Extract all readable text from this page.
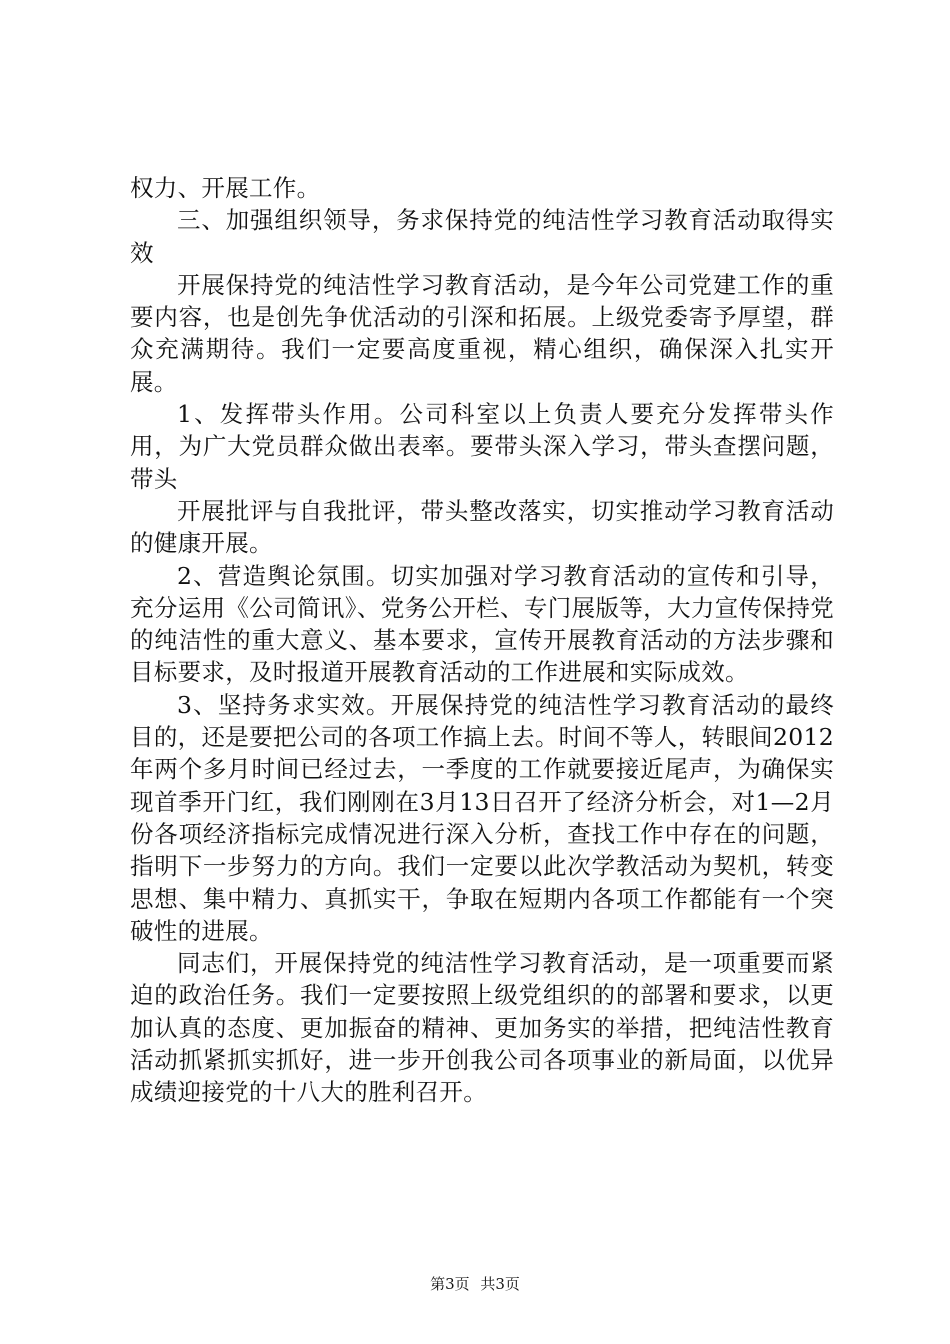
权力、开展工作。

三、加强组织领导，务求保持党的纯洁性学习教育活动取得实效

开展保持党的纯洁性学习教育活动，是今年公司党建工作的重要内容，也是创先争优活动的引深和拓展。上级党委寄予厚望，群众充满期待。我们一定要高度重视，精心组织，确保深入扎实开展。

1、发挥带头作用。公司科室以上负责人要充分发挥带头作用，为广大党员群众做出表率。要带头深入学习，带头查摆问题，带头

开展批评与自我批评，带头整改落实，切实推动学习教育活动的健康开展。

2、营造舆论氛围。切实加强对学习教育活动的宣传和引导，充分运用《公司简讯》、党务公开栏、专门展版等，大力宣传保持党的纯洁性的重大意义、基本要求，宣传开展教育活动的方法步骤和目标要求，及时报道开展教育活动的工作进展和实际成效。

3、坚持务求实效。开展保持党的纯洁性学习教育活动的最终目的，还是要把公司的各项工作搞上去。时间不等人，转眼间2012年两个多月时间已经过去，一季度的工作就要接近尾声，为确保实现首季开门红，我们刚刚在3月13日召开了经济分析会，对1—2月份各项经济指标完成情况进行深入分析，查找工作中存在的问题，指明下一步努力的方向。我们一定要以此次学教活动为契机，转变思想、集中精力、真抓实干，争取在短期内各项工作都能有一个突破性的进展。

同志们，开展保持党的纯洁性学习教育活动，是一项重要而紧迫的政治任务。我们一定要按照上级党组织的的部署和要求，以更加认真的态度、更加振奋的精神、更加务实的举措，把纯洁性教育活动抓紧抓实抓好，进一步开创我公司各项事业的新局面，以优异成绩迎接党的十八大的胜利召开。

第3页 共3页
